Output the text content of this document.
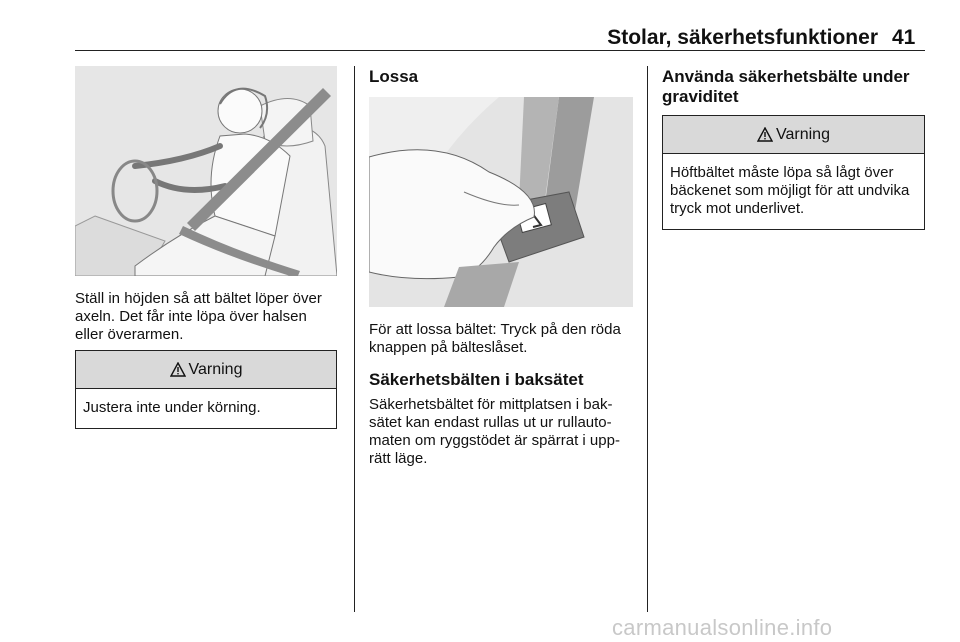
Stolar, säkerhetsfunktioner 41

Ställ in höjden så att bältet löper över axeln. Det får inte löpa över halsen eller överarmen.

Varning
Justera inte under körning.
Lossa

För att lossa bältet: Tryck på den röda knappen på bälteslåset.

Säkerhetsbälten i baksätet

Säkerhetsbältet för mittplatsen i baksätet kan endast rullas ut ur rullautomaten om ryggstödet är spärrat i upprätt läge.

Använda säkerhetsbälte under graviditet
Varning
Höftbältet måste löpa så lågt över bäckenet som möjligt för att undvika tryck mot underlivet.
carmanualsonline.info
